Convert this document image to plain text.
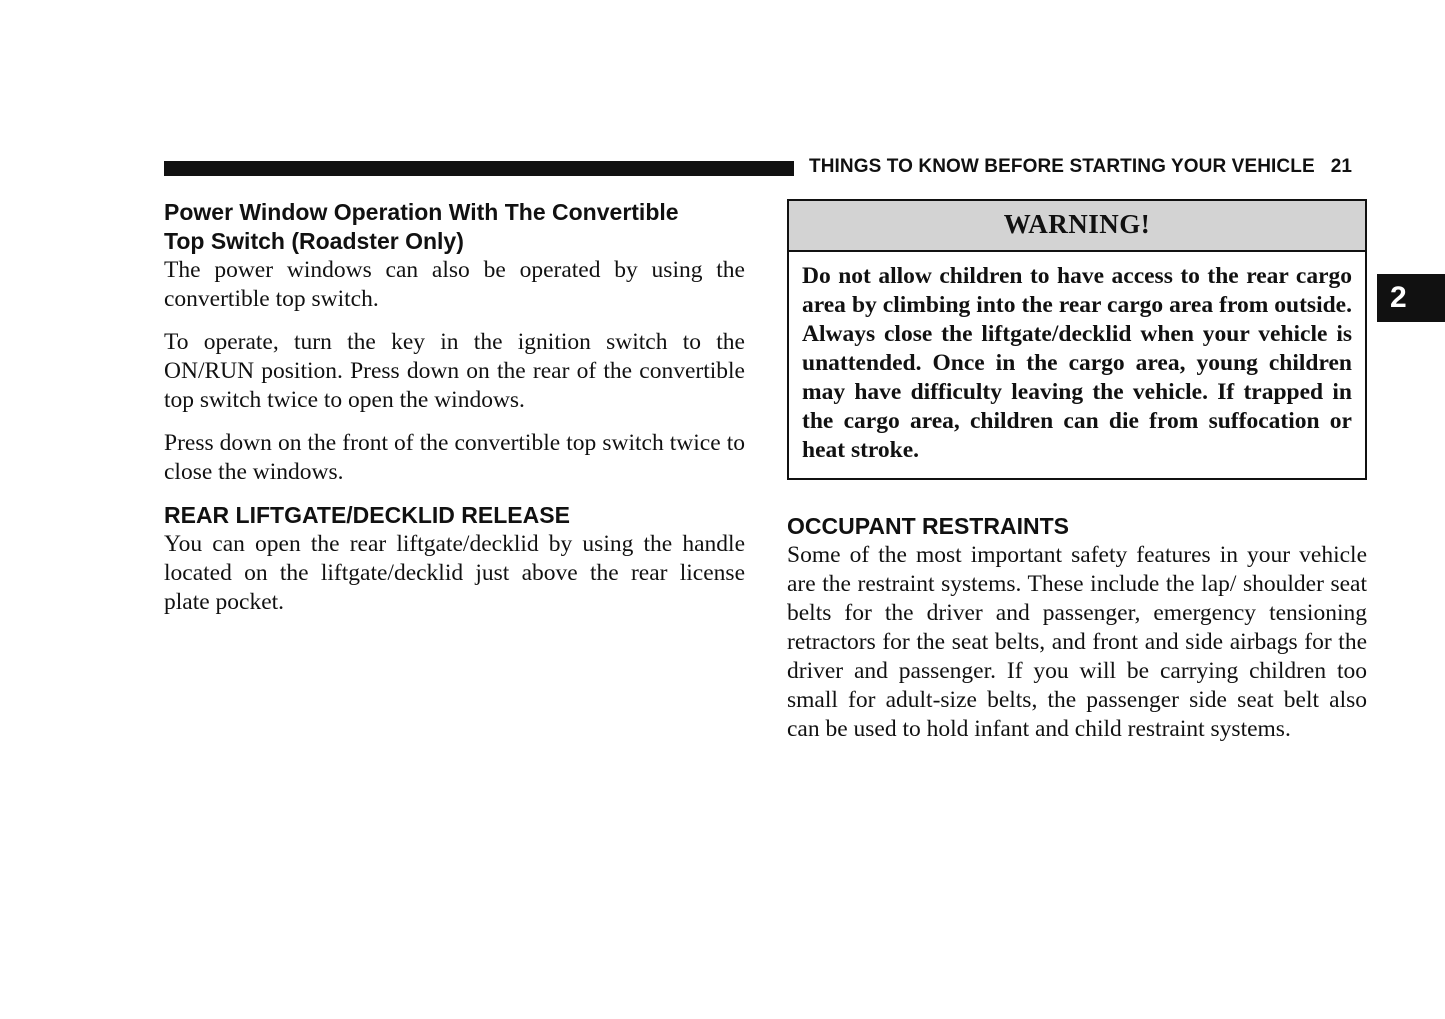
THINGS TO KNOW BEFORE STARTING YOUR VEHICLE 21
2
Power Window Operation With The Convertible
Top Switch (Roadster Only)

The power windows can also be operated by using the convertible top switch.

To operate, turn the key in the ignition switch to the ON/RUN position. Press down on the rear of the convertible top switch twice to open the windows.

Press down on the front of the convertible top switch twice to close the windows.

REAR LIFTGATE/DECKLID RELEASE

You can open the rear liftgate/decklid by using the handle located on the liftgate/decklid just above the rear license plate pocket.

WARNING!

Do not allow children to have access to the rear cargo area by climbing into the rear cargo area from outside. Always close the liftgate/decklid when your vehicle is unattended. Once in the cargo area, young children may have difficulty leaving the vehicle. If trapped in the cargo area, children can die from suffocation or heat stroke.

OCCUPANT RESTRAINTS

Some of the most important safety features in your vehicle are the restraint systems. These include the lap/ shoulder seat belts for the driver and passenger, emergency tensioning retractors for the seat belts, and front and side airbags for the driver and passenger. If you will be carrying children too small for adult-size belts, the passenger side seat belt also can be used to hold infant and child restraint systems.
